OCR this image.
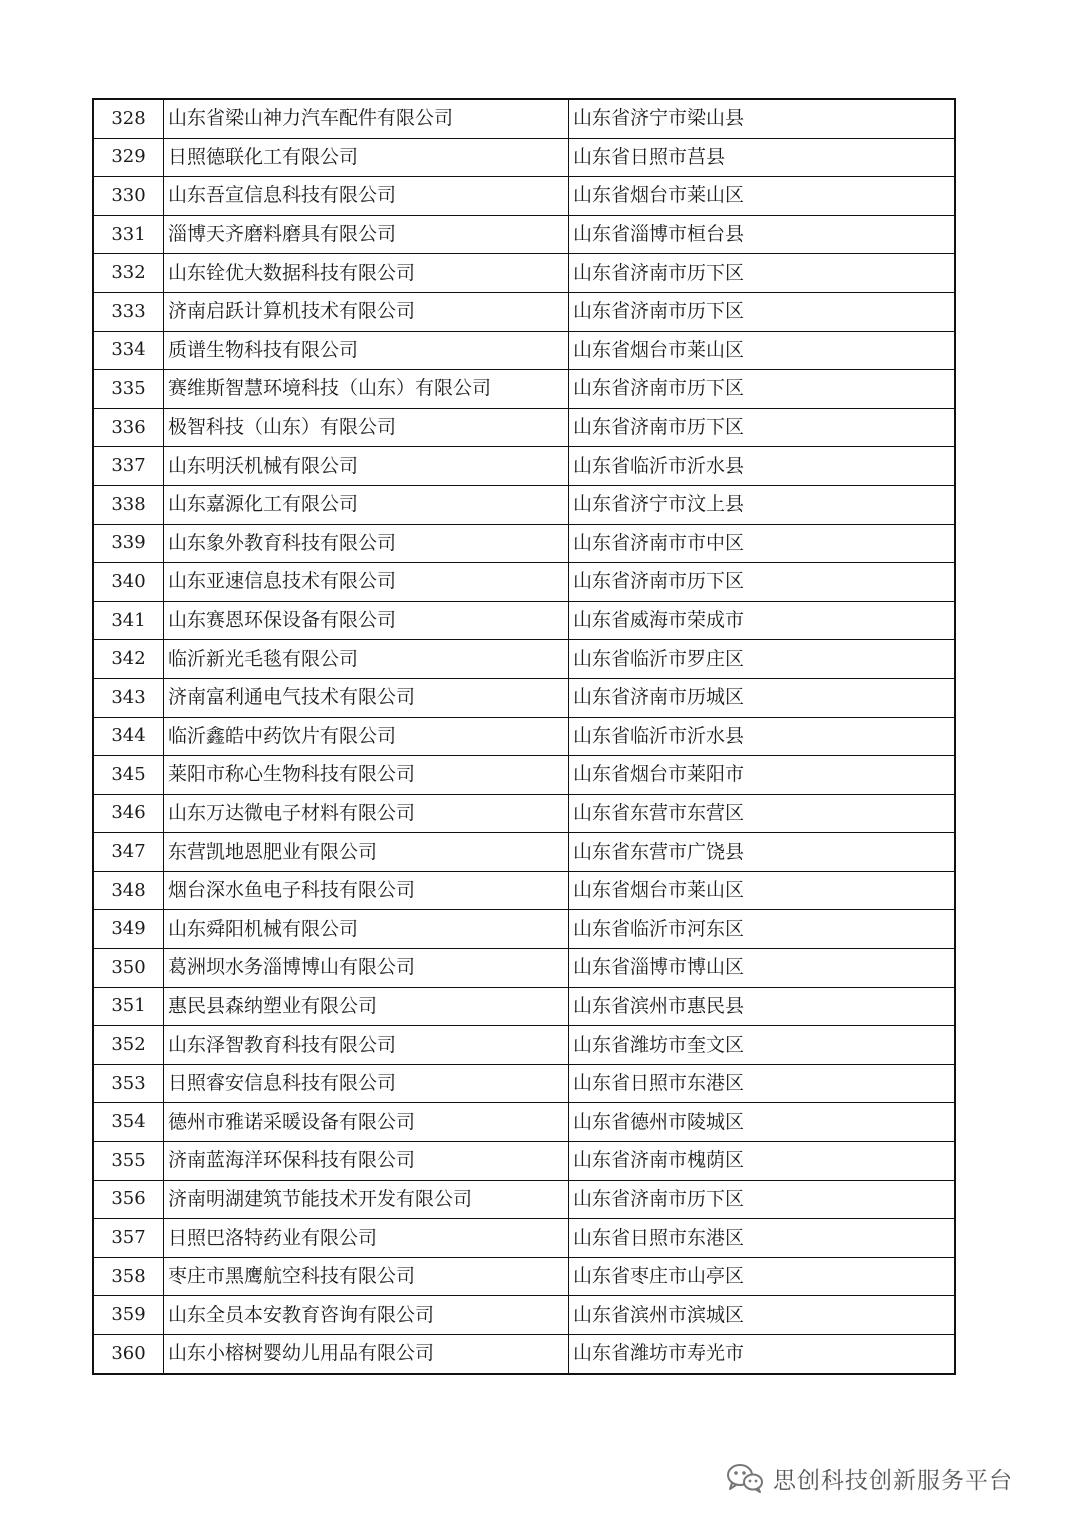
328	山东省梁山神力汽车配件有限公司	山东省济宁市梁山县
329	日照德联化工有限公司	山东省日照市莒县
330	山东吾宣信息科技有限公司	山东省烟台市莱山区
331	淄博天齐磨料磨具有限公司	山东省淄博市桓台县
332	山东铨优大数据科技有限公司	山东省济南市历下区
333	济南启跃计算机技术有限公司	山东省济南市历下区
334	质谱生物科技有限公司	山东省烟台市莱山区
335	赛维斯智慧环境科技（山东）有限公司	山东省济南市历下区
336	极智科技（山东）有限公司	山东省济南市历下区
337	山东明沃机械有限公司	山东省临沂市沂水县
338	山东嘉源化工有限公司	山东省济宁市汶上县
339	山东象外教育科技有限公司	山东省济南市市中区
340	山东亚速信息技术有限公司	山东省济南市历下区
341	山东赛恩环保设备有限公司	山东省威海市荣成市
342	临沂新光毛毯有限公司	山东省临沂市罗庄区
343	济南富利通电气技术有限公司	山东省济南市历城区
344	临沂鑫皓中药饮片有限公司	山东省临沂市沂水县
345	莱阳市称心生物科技有限公司	山东省烟台市莱阳市
346	山东万达微电子材料有限公司	山东省东营市东营区
347	东营凯地恩肥业有限公司	山东省东营市广饶县
348	烟台深水鱼电子科技有限公司	山东省烟台市莱山区
349	山东舜阳机械有限公司	山东省临沂市河东区
350	葛洲坝水务淄博博山有限公司	山东省淄博市博山区
351	惠民县森纳塑业有限公司	山东省滨州市惠民县
352	山东泽智教育科技有限公司	山东省潍坊市奎文区
353	日照睿安信息科技有限公司	山东省日照市东港区
354	德州市雅诺采暖设备有限公司	山东省德州市陵城区
355	济南蓝海洋环保科技有限公司	山东省济南市槐荫区
356	济南明湖建筑节能技术开发有限公司	山东省济南市历下区
357	日照巴洛特药业有限公司	山东省日照市东港区
358	枣庄市黑鹰航空科技有限公司	山东省枣庄市山亭区
359	山东全员本安教育咨询有限公司	山东省滨州市滨城区
360	山东小榕树婴幼儿用品有限公司	山东省潍坊市寿光市
思创科技创新服务平台
